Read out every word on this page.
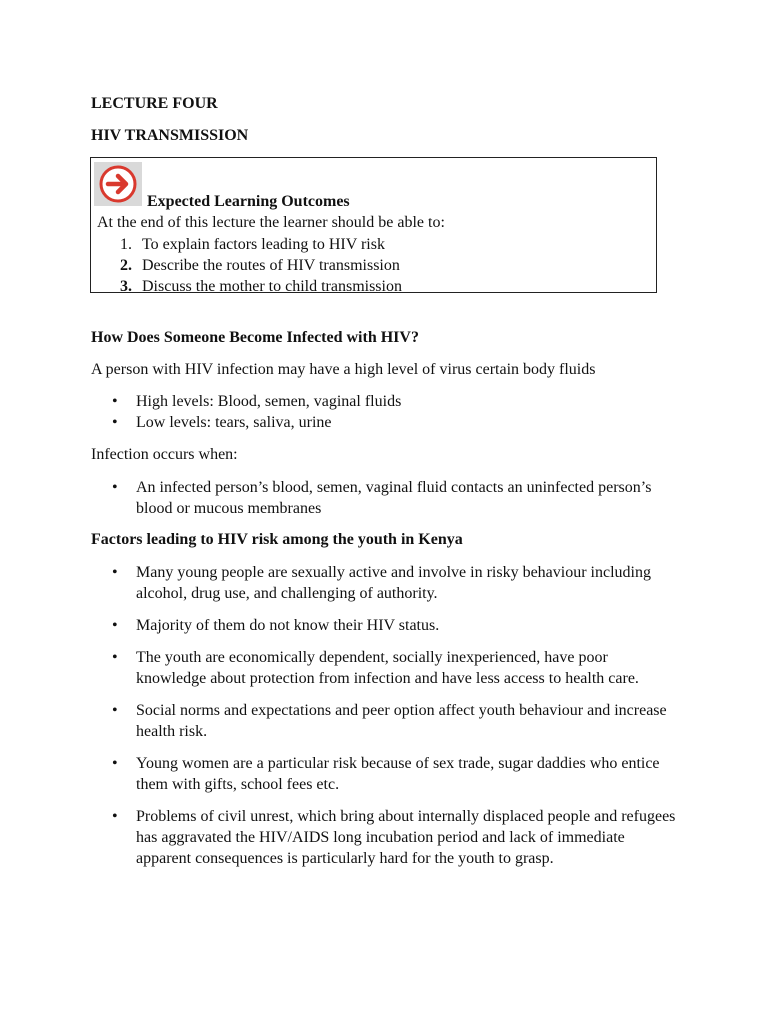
LECTURE FOUR

HIV TRANSMISSION

Expected Learning Outcomes
At the end of this lecture the learner should be able to:
1. To explain factors leading to HIV risk
2. Describe the routes of HIV transmission
3. Discuss the mother to child transmission
How Does Someone Become Infected with HIV?

A person with HIV infection may have a high level of virus certain body fluids

• High levels: Blood, semen, vaginal fluids
• Low levels: tears, saliva, urine

Infection occurs when:

• An infected person’s blood, semen, vaginal fluid contacts an uninfected person’s blood or mucous membranes
Factors leading to HIV risk among the youth in Kenya
• Many young people are sexually active and involve in risky behaviour including alcohol, drug use, and challenging of authority.
• Majority of them do not know their HIV status.
• The youth are economically dependent, socially inexperienced, have poor knowledge about protection from infection and have less access to health care.
• Social norms and expectations and peer option affect youth behaviour and increase health risk.
• Young women are a particular risk because of sex trade, sugar daddies who entice them with gifts, school fees etc.
• Problems of civil unrest, which bring about internally displaced people and refugees has aggravated the HIV/AIDS long incubation period and lack of immediate apparent consequences is particularly hard for the youth to grasp.
